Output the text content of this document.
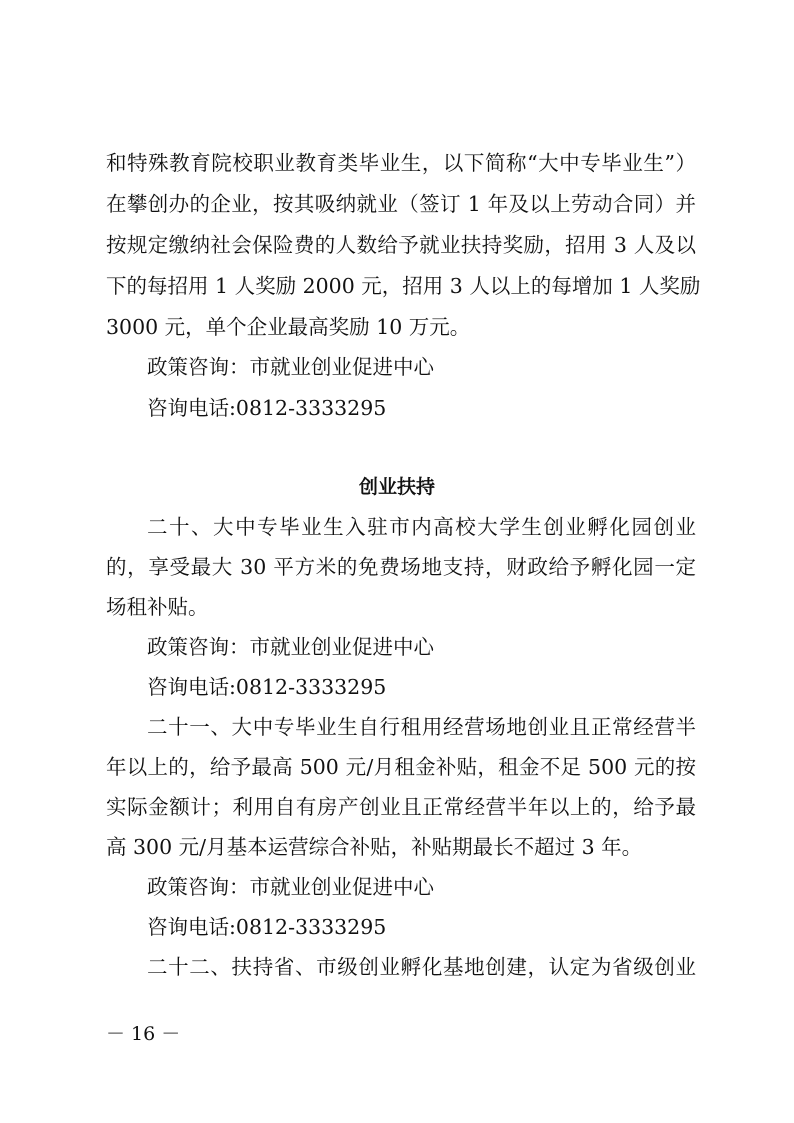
和特殊教育院校职业教育类毕业生，以下简称“大中专毕业生”）
在攀创办的企业，按其吸纳就业（签订 1 年及以上劳动合同）并
按规定缴纳社会保险费的人数给予就业扶持奖励，招用 3 人及以
下的每招用 1 人奖励 2000 元，招用 3 人以上的每增加 1 人奖励
3000 元，单个企业最高奖励 10 万元。
政策咨询：市就业创业促进中心
咨询电话:0812-3333295
创业扶持
二十、大中专毕业生入驻市内高校大学生创业孵化园创业
的，享受最大 30 平方米的免费场地支持，财政给予孵化园一定
场租补贴。
政策咨询：市就业创业促进中心
咨询电话:0812-3333295
二十一、大中专毕业生自行租用经营场地创业且正常经营半
年以上的，给予最高 500 元/月租金补贴，租金不足 500 元的按
实际金额计；利用自有房产创业且正常经营半年以上的，给予最
高 300 元/月基本运营综合补贴，补贴期最长不超过 3 年。
政策咨询：市就业创业促进中心
咨询电话:0812-3333295
二十二、扶持省、市级创业孵化基地创建，认定为省级创业
－ 16 －
